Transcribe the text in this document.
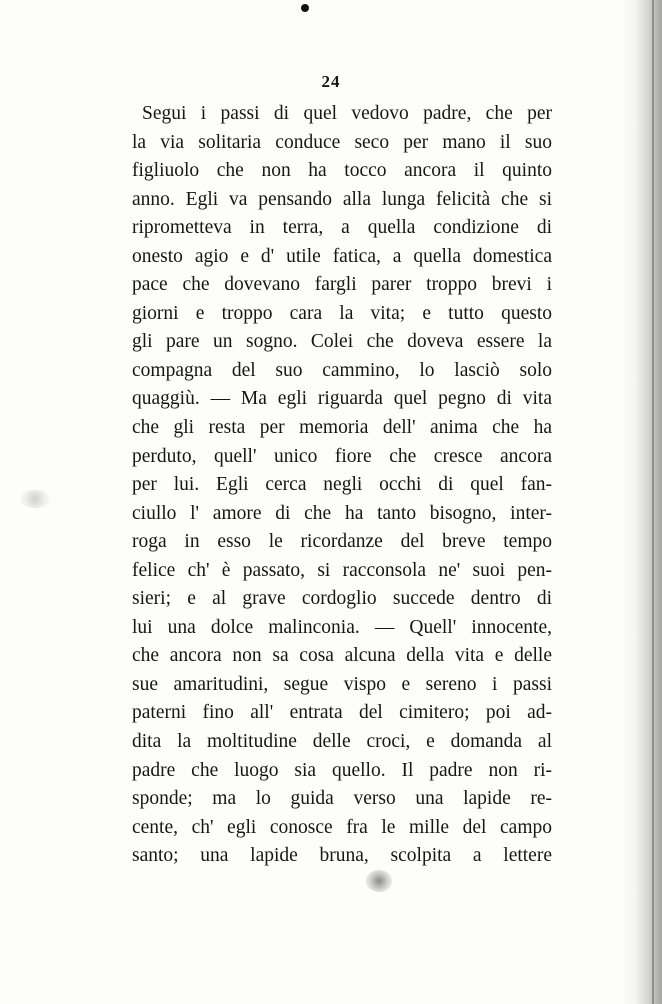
24
Segui i passi di quel vedovo padre, che per
la via solitaria conduce seco per mano il suo
figliuolo che non ha tocco ancora il quinto
anno. Egli va pensando alla lunga felicità che si
riprometteva in terra, a quella condizione di
onesto agio e d' utile fatica, a quella domestica
pace che dovevano fargli parer troppo brevi i
giorni e troppo cara la vita; e tutto questo
gli pare un sogno. Colei che doveva essere la
compagna del suo cammino, lo lasciò solo
quaggiù. — Ma egli riguarda quel pegno di vita
che gli resta per memoria dell' anima che ha
perduto, quell' unico fiore che cresce ancora
per lui. Egli cerca negli occhi di quel fan-
ciullo l' amore di che ha tanto bisogno, inter-
roga in esso le ricordanze del breve tempo
felice ch' è passato, si racconsola ne' suoi pen-
sieri; e al grave cordoglio succede dentro di
lui una dolce malinconia. — Quell' innocente,
che ancora non sa cosa alcuna della vita e delle
sue amaritudini, segue vispo e sereno i passi
paterni fino all' entrata del cimitero; poi ad-
dita la moltitudine delle croci, e domanda al
padre che luogo sia quello. Il padre non ri-
sponde; ma lo guida verso una lapide re-
cente, ch' egli conosce fra le mille del campo
santo; una lapide bruna, scolpita a lettere
